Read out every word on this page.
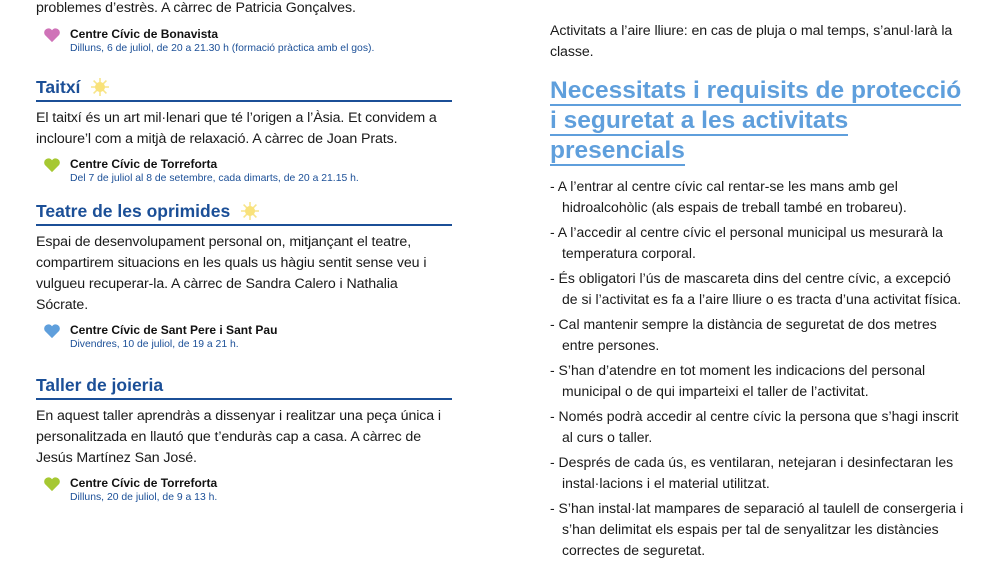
problemes d’estrès. A càrrec de Patricia Gonçalves.

Centre Cívic de Bonavista
Dilluns, 6 de juliol, de 20 a 21.30 h (formació pràctica amb el gos).
Taitxí

El taitxí és un art mil·lenari que té l’origen a l’Àsia. Et convidem a incloure’l com a mitjà de relaxació. A càrrec de Joan Prats.

Centre Cívic de Torreforta
Del 7 de juliol al 8 de setembre, cada dimarts, de 20 a 21.15 h.
Teatre de les oprimides

Espai de desenvolupament personal on, mitjançant el teatre, compartirem situacions en les quals us hàgiu sentit sense veu i vulgueu recuperar-la. A càrrec de Sandra Calero i Nathalia Sócrate.

Centre Cívic de Sant Pere i Sant Pau
Divendres, 10 de juliol, de 19 a 21 h.
Taller de joieria

En aquest taller aprendràs a dissenyar i realitzar una peça única i personalitzada en llautó que t’enduràs cap a casa. A càrrec de Jesús Martínez San José.

Centre Cívic de Torreforta
Dilluns, 20 de juliol, de 9 a 13 h.

Activitats a l’aire lliure: en cas de pluja o mal temps, s’anul·larà la classe.

Necessitats i requisits de protecció i seguretat a les activitats presencials
- A l’entrar al centre cívic cal rentar-se les mans amb gel hidroalcohòlic (als espais de treball també en trobareu).
- A l’accedir al centre cívic el personal municipal us mesurarà la temperatura corporal.
- És obligatori l’ús de mascareta dins del centre cívic, a excepció de si l’activitat es fa a l’aire lliure o es tracta d’una activitat física.
- Cal mantenir sempre la distància de seguretat de dos metres entre persones.
- S’han d’atendre en tot moment les indicacions del personal municipal o de qui imparteixi el taller de l’activitat.
- Només podrà accedir al centre cívic la persona que s’hagi inscrit al curs o taller.
- Després de cada ús, es ventilaran, netejaran i desinfectaran les instal·lacions i el material utilitzat.
- S’han instal·lat mampares de separació al taulell de consergeria i s’han delimitat els espais per tal de senyalitzar les distàncies correctes de seguretat.
